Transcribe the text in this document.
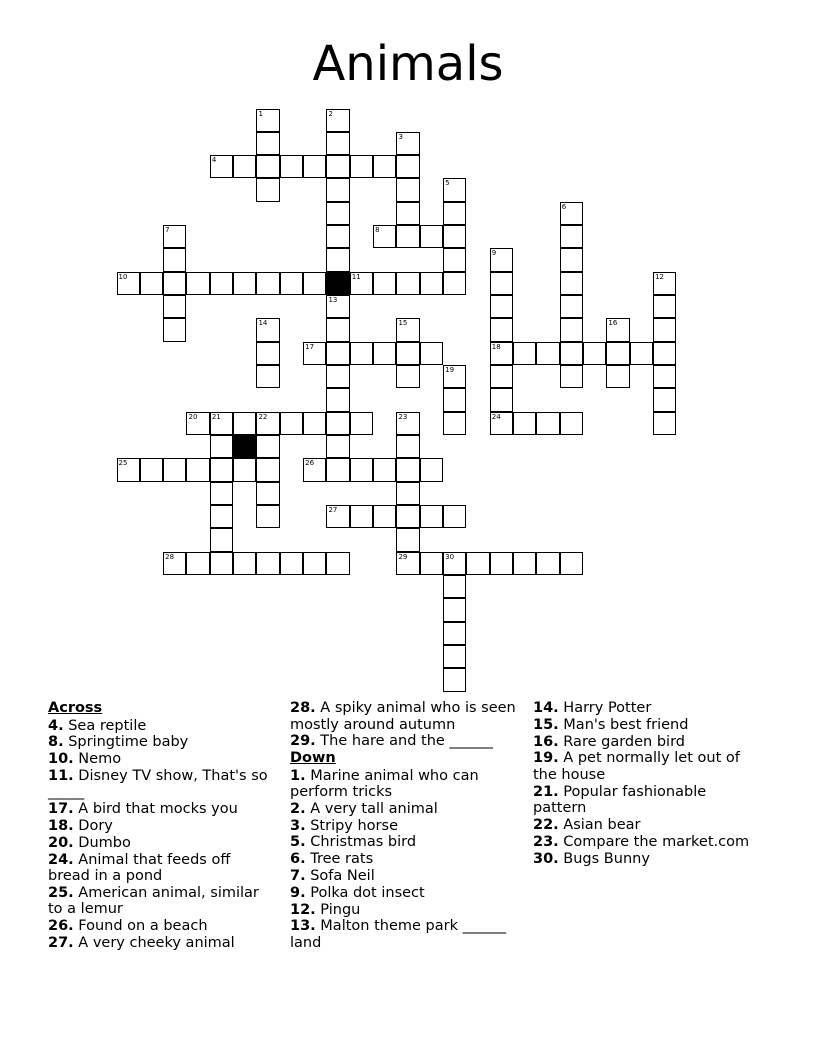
Animals
4
8
10	11
17	18
20 21	22	24
25	26
27
28	29	30
1	2
3
5
6
7
9
12
13
14	15	16
19
23
Across
4. Sea reptile
8. Springtime baby
10. Nemo
11. Disney TV show, That's so _____
17. A bird that mocks you
18. Dory
20. Dumbo
24. Animal that feeds off bread in a pond
25. American animal, similar to a lemur
26. Found on a beach
27. A very cheeky animal
28. A spiky animal who is seen mostly around autumn
29. The hare and the ______
Down
1. Marine animal who can perform tricks
2. A very tall animal
3. Stripy horse
5. Christmas bird
6. Tree rats
7. Sofa Neil
9. Polka dot insect
12. Pingu
13. Malton theme park ______ land
14. Harry Potter
15. Man's best friend
16. Rare garden bird
19. A pet normally let out of the house
21. Popular fashionable pattern
22. Asian bear
23. Compare the market.com
30. Bugs Bunny
